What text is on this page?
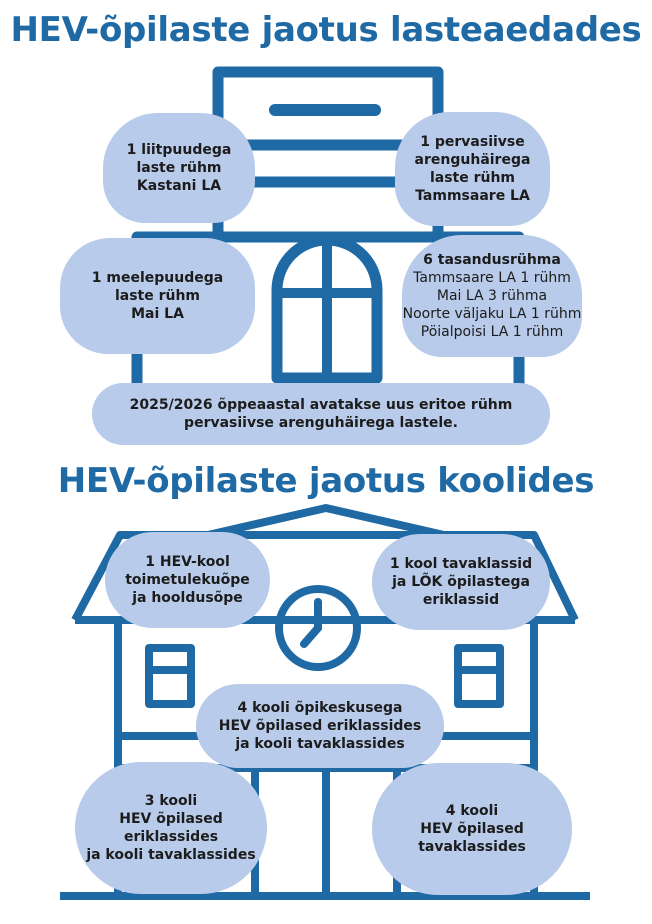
HEV-õpilaste jaotus lasteaedades
HEV-õpilaste jaotus koolides
1 liitpuudega
laste rühm
Kastani LA
1 pervasiivse
arenguhäirega
laste rühm
Tammsaare LA
1 meelepuudega
laste rühm
Mai LA
6 tasandusrühma
Tammsaare LA 1 rühm
Mai LA 3 rühma
Noorte väljaku LA 1 rühm
Pöialpoisi LA 1 rühm
2025/2026 õppeaastal avatakse uus eritoe rühm
pervasiivse arenguhäirega lastele.
1 HEV-kool
toimetulekuõpe
ja hooldusõpe
1 kool tavaklassid
ja LÕK õpilastega
eriklassid
4 kooli õpikeskusega
HEV õpilased eriklassides
ja kooli tavaklassides
3 kooli
HEV õpilased
eriklassides
ja kooli tavaklassides
4 kooli
HEV õpilased
tavaklassides
